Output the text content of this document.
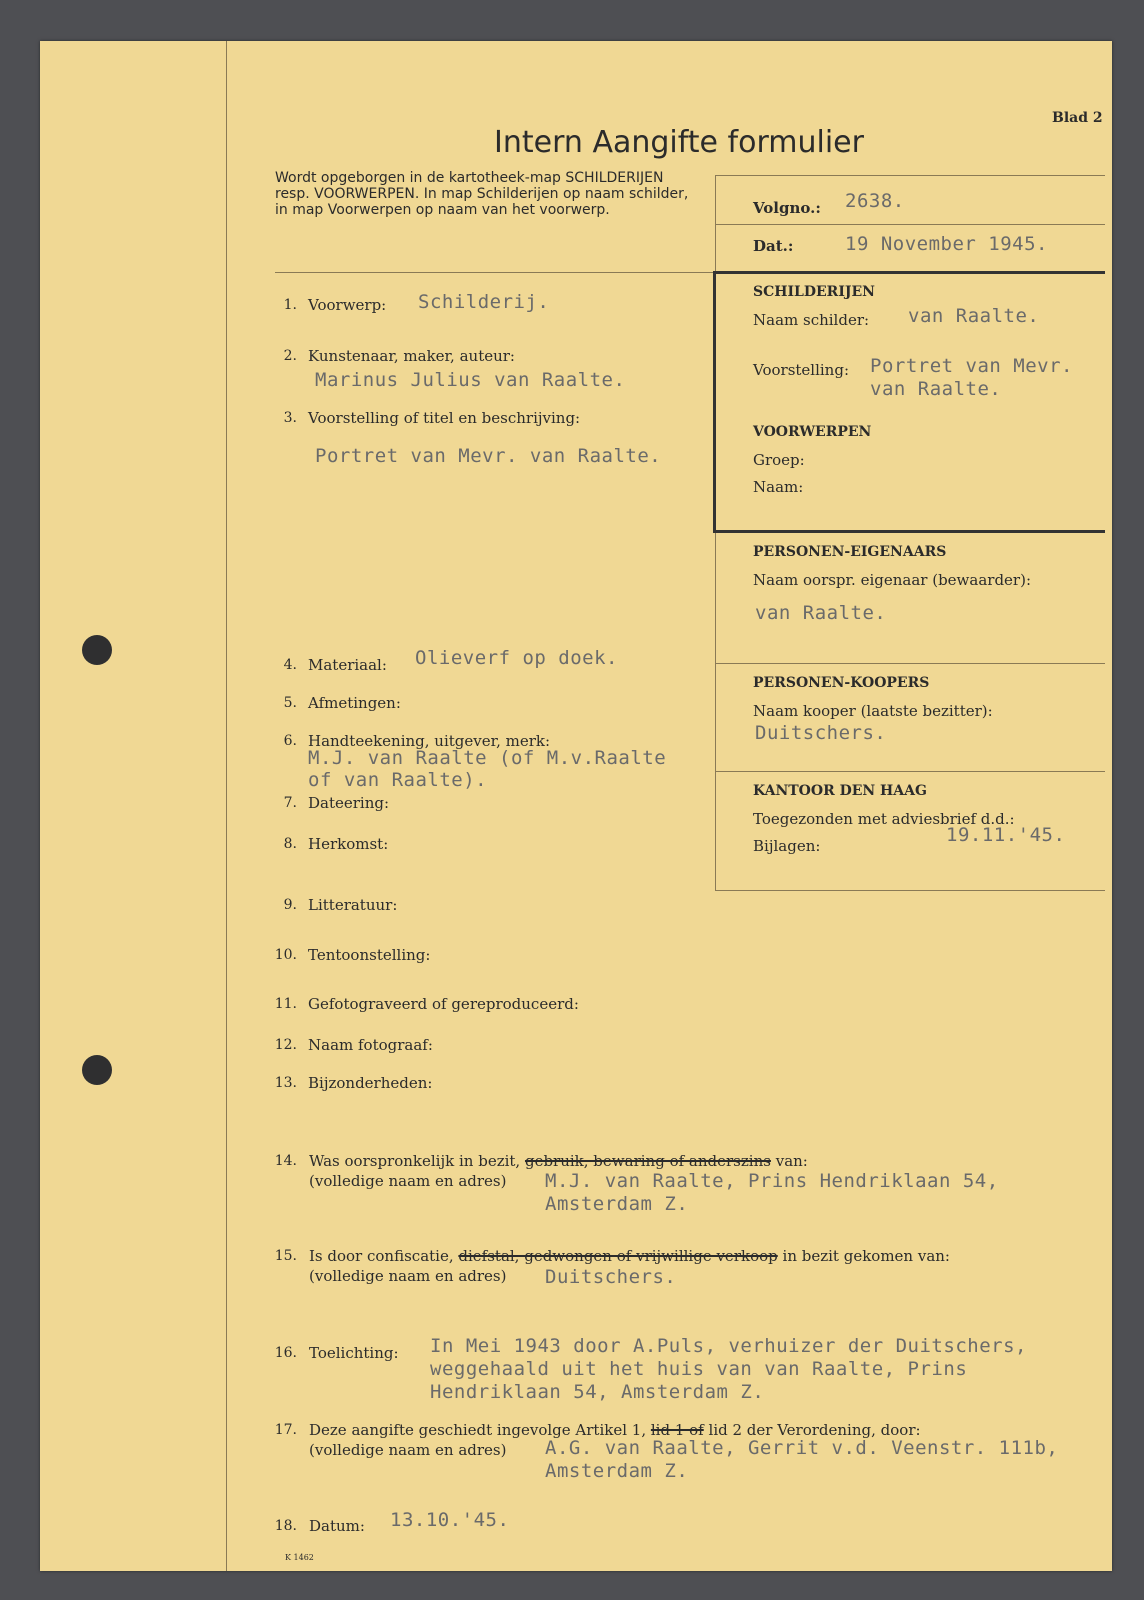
Blad 2
Intern Aangifte formulier
Wordt opgeborgen in de kartotheek-map SCHILDERIJEN resp. VOORWERPEN. In map Schilderijen op naam schilder, in map Voorwerpen op naam van het voorwerp.	Volgno.: 2638.
Dat.:	19 November 1945.
SCHILDERIJEN
Naam schilder: van Raalte.
Voorstelling: Portret van Mevr.
van Raalte.
VOORWERPEN
Groep:
Naam:
PERSONEN-EIGENAARS
Naam oorspr. eigenaar (bewaarder):
van Raalte.
PERSONEN-KOOPERS
Naam kooper (laatste bezitter):
Duitschers.
KANTOOR DEN HAAG
Toegezonden met adviesbrief d.d.:
19.11.'45.
Bijlagen:
1. Voorwerp: Schilderij.
2. Kunstenaar, maker, auteur:
Marinus Julius van Raalte.
3. Voorstelling of titel en beschrijving:
Portret van Mevr. van Raalte.
4. Materiaal: Olieverf op doek.
5. Afmetingen:
6. Handteekening, uitgever, merk:
M.J. van Raalte (of M.v.Raalte
of van Raalte).
7. Dateering:
8. Herkomst:
9. Litteratuur:
10. Tentoonstelling:
11. Gefotograveerd of gereproduceerd:
12. Naam fotograaf:
13. Bijzonderheden:
14. Was oorspronkelijk in bezit, gebruik, bewaring of anderszins van:
(volledige naam en adres) M.J. van Raalte, Prins Hendriklaan 54,
Amsterdam Z.
15. Is door confiscatie, diefstal, gedwongen of vrijwillige verkoop in bezit gekomen van:
(volledige naam en adres) Duitschers.
16. Toelichting: In Mei 1943 door A.Puls, verhuizer der Duitschers,
weggehaald uit het huis van van Raalte, Prins
Hendriklaan 54, Amsterdam Z.
17. Deze aangifte geschiedt ingevolge Artikel 1, lid 1 of lid 2 der Verordening, door:
(volledige naam en adres) A.G. van Raalte, Gerrit v.d. Veenstr. 111b,
Amsterdam Z.
18. Datum: 13.10.'45.
K 1462
